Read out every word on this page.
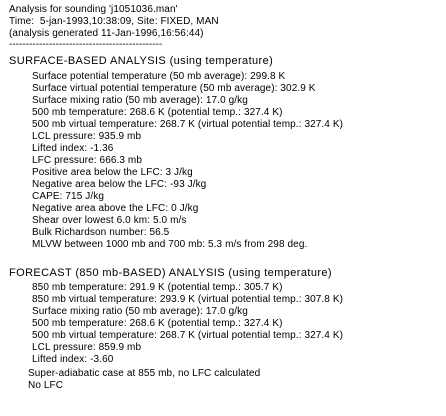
Analysis for sounding 'j1051036.man'
Time:  5-jan-1993,10:38:09, Site: FIXED, MAN
(analysis generated 11-Jan-1996,16:56:44)
----------------------------------------------
SURFACE-BASED ANALYSIS (using temperature)
Surface potential temperature (50 mb average): 299.8 K
Surface virtual potential temperature (50 mb average): 302.9 K
Surface mixing ratio (50 mb average): 17.0 g/kg
500 mb temperature: 268.6 K (potential temp.: 327.4 K)
500 mb virtual temperature: 268.7 K (virtual potential temp.: 327.4 K)
LCL pressure: 935.9 mb
Lifted index: -1.36
LFC pressure: 666.3 mb
Positive area below the LFC: 3 J/kg
Negative area below the LFC: -93 J/kg
CAPE: 715 J/kg
Negative area above the LFC: 0 J/kg
Shear over lowest 6.0 km: 5.0 m/s
Bulk Richardson number: 56.5
MLVW between 1000 mb and 700 mb: 5.3 m/s from 298 deg.
FORECAST (850 mb-BASED) ANALYSIS (using temperature)
850 mb temperature: 291.9 K (potential temp.: 305.7 K)
850 mb virtual temperature: 293.9 K (virtual potential temp.: 307.8 K)
Surface mixing ratio (50 mb average): 17.0 g/kg
500 mb temperature: 268.6 K (potential temp.: 327.4 K)
500 mb virtual temperature: 268.7 K (virtual potential temp.: 327.4 K)
LCL pressure: 859.9 mb
Lifted index: -3.60
Super-adiabatic case at 855 mb, no LFC calculated
No LFC
